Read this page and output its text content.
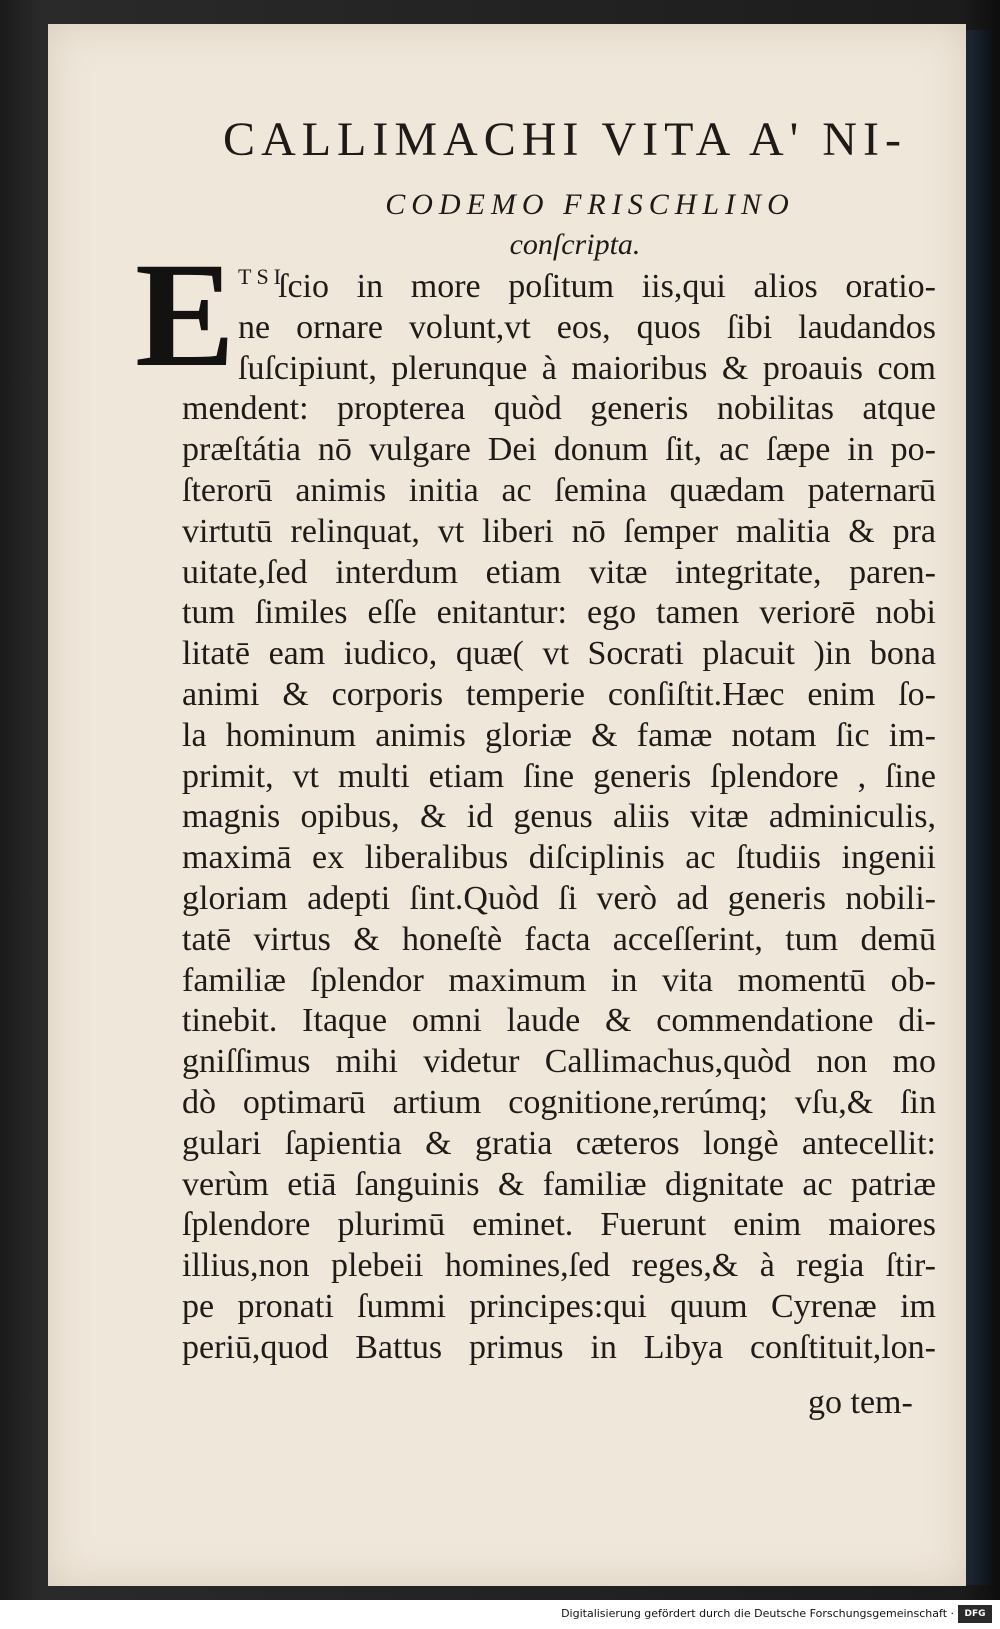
CALLIMACHI VITA A' NI-
CODEMO FRISCHLINO
conſcripta.
E TSI
ſcio in more poſitum iis,qui alios oratio-
ne ornare volunt,vt eos, quos ſibi laudandos
ſuſcipiunt, plerunque à maioribus & proauis com
mendent: propterea quòd generis nobilitas atque
præſtátia nō vulgare Dei donum ſit, ac ſæpe in po-
ſterorū animis initia ac ſemina quædam paternarū
virtutū relinquat, vt liberi nō ſemper malitia & pra
uitate,ſed interdum etiam vitæ integritate, paren-
tum ſimiles eſſe enitantur: ego tamen veriorē nobi
litatē eam iudico, quæ( vt Socrati placuit )in bona
animi & corporis temperie conſiſtit.Hæc enim ſo-
la hominum animis gloriæ & famæ notam ſic im-
primit, vt multi etiam ſine generis ſplendore , ſine
magnis opibus, & id genus aliis vitæ adminiculis,
maximā ex liberalibus diſciplinis ac ſtudiis ingenii
gloriam adepti ſint.Quòd ſi verò ad generis nobili-
tatē virtus & honeſtè facta acceſſerint, tum demū
familiæ ſplendor maximum in vita momentū ob-
tinebit. Itaque omni laude & commendatione di-
gniſſimus mihi videtur Callimachus,quòd non mo
dò optimarū artium cognitione,rerúmq; vſu,& ſin
gulari ſapientia & gratia cæteros longè antecellit:
verùm etiā ſanguinis & familiæ dignitate ac patriæ
ſplendore plurimū eminet. Fuerunt enim maiores
illius,non plebeii homines,ſed reges,& à regia ſtir-
pe pronati ſummi principes:qui quum Cyrenæ im
periū,quod Battus primus in Libya conſtituit,lon-
go tem-
Digitalisierung gefördert durch die Deutsche Forschungsgemeinschaft ·	DFG
